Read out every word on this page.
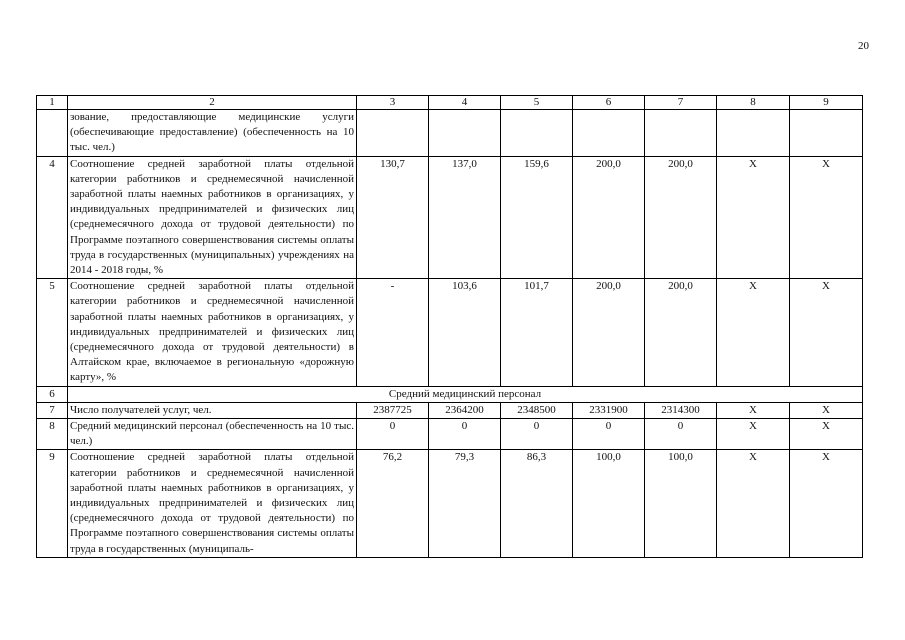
20
1	2	3	4	5	6	7	8	9

	зование, предоставляющие медицинские услуги
(обеспечивающие предоставление) (обеспеченность на 10 тыс. чел.)							

4	Соотношение средней заработной платы отдельной категории работников и среднемесячной начисленной заработной платы наемных работников в организациях, у индивидуальных предпринимателей и физических лиц (среднемесячного дохода от трудовой деятельности) по Программе поэтапного совершенствования системы оплаты труда в государственных (муниципальных) учреждениях на 2014 - 2018 годы, %	130,7	137,0	159,6	200,0	200,0	Х	Х
5	Соотношение средней заработной платы отдельной категории работников и среднемесячной начисленной заработной платы наемных работников в организациях, у индивидуальных предпринимателей и физических лиц (среднемесячного дохода от трудовой деятельности) в Алтайском крае, включаемое в региональную «дорожную карту», %	-	103,6	101,7	200,0	200,0	Х	Х
6	Средний медицинский персонал							
7	Число получателей услуг, чел.	2387725	2364200	2348500	2331900	2314300	Х	Х
8	Средний медицинский персонал (обеспеченность на 10 тыс. чел.)	0	0	0	0	0	Х	Х
9	Соотношение средней заработной платы отдельной категории работников и среднемесячной начисленной заработной платы наемных работников в организациях, у индивидуальных предпринимателей и физических лиц (среднемесячного дохода от трудовой деятельности) по Программе поэтапного совершенствования системы оплаты труда в государственных (муниципаль-	76,2	79,3	86,3	100,0	100,0	Х	Х
